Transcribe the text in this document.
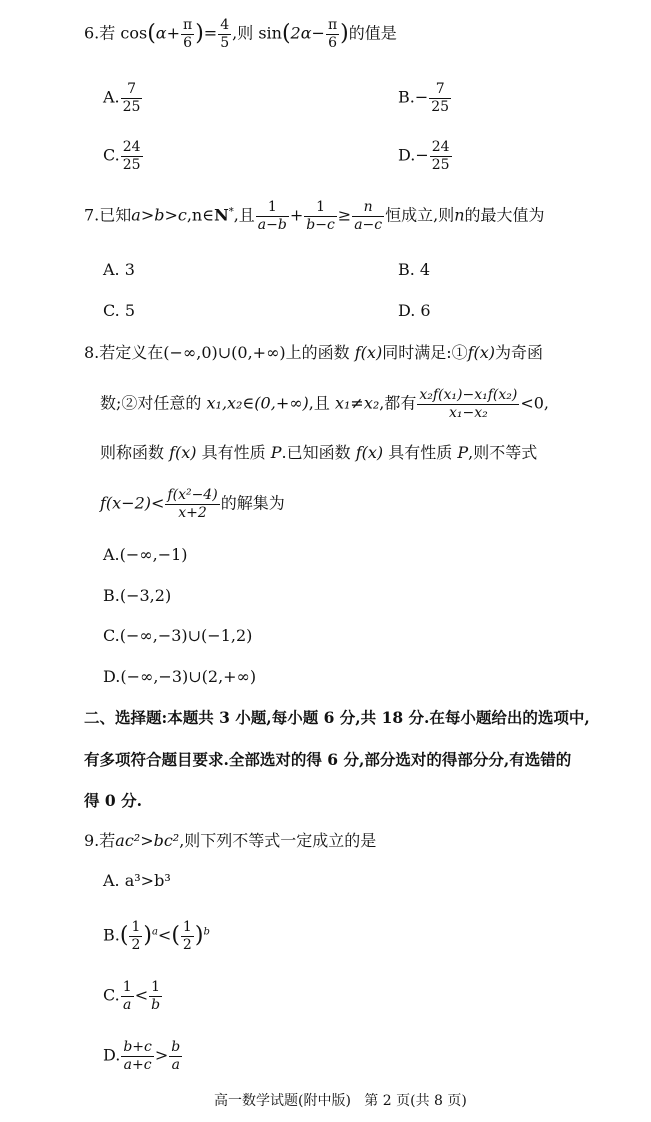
6.若 $\cos(\alpha+ \frac{\pi}{6}$ )= $\frac{4}{5}$ ,则 $\sin(2\alpha- \frac{\pi}{6}$ )的值是
A. $\frac{7}{25}$	$B.- \frac{7}{25}$
C. $\frac{24}{25}$	$D.- \frac{24}{25}$
7.已知a>b>c,n∈N*,且 $\frac{1}{a-b} + \frac{1}{b-c} \ge \frac{n}{a-c}$ 恒成立,则n的最大值为
A. 3	B. 4
C. 5	D. 6
8.若定义在(−∞,0)∪(0,+∞)上的函数 f(x)同时满足:①f(x)为奇函
数;②对任意的 x₁,x₂∈(0,+∞),且 x₁≠x₂,都有 $\frac{\text{x₂f(x₁)−x₁f(x₂)}}{\text{x₁−x₂}} <0$,
则称函数 f(x) 具有性质 P.已知函数 f(x) 具有性质 P,则不等式
$f(x-2)< \frac{\text{f(x²−4)}}{x+2}$ 的解集为
A.(−∞,−1)
B.(−3,2)
C.(−∞,−3)∪(−1,2)
D.(−∞,−3)∪(2,+∞)
二、选择题:本题共 3 小题,每小题 6 分,共 18 分.在每小题给出的选项中,
有多项符合题目要求.全部选对的得 6 分,部分选对的得部分分,有选错的
得 0 分.
9.若ac²>bc²,则下列不等式一定成立的是
A. a³>b³
$B.( \frac{1}{2} )^a<( \frac{1}{2} )^b$
C. $\frac{1}{a} < \frac{1}{b}$
D. $\frac{b+c}{a+c} > \frac{b}{a}$
高一数学试题(附中版) 第 2 页(共 8 页)
